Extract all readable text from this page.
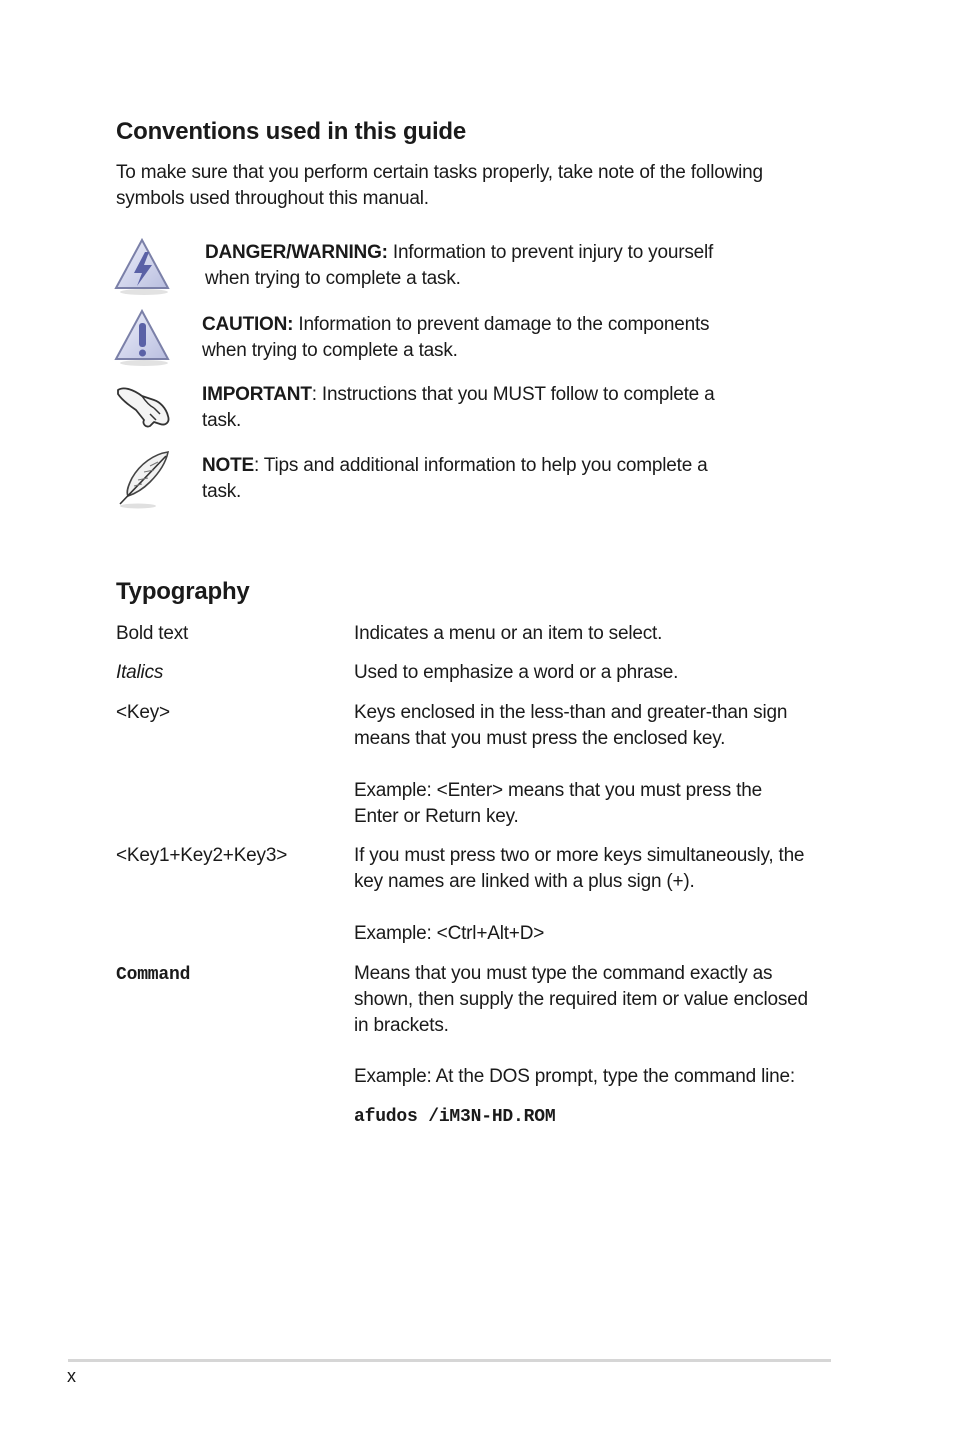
Conventions used in this guide
To make sure that you perform certain tasks properly, take note of the following
symbols used throughout this manual.
DANGER/WARNING: Information to prevent injury to yourself
when trying to complete a task.
CAUTION: Information to prevent damage to the components
when trying to complete a task.
IMPORTANT: Instructions that you MUST follow to complete a
task.
NOTE: Tips and additional information to help you complete a
task.
Typography
Bold text	Indicates a menu or an item to select.
Italics	Used to emphasize a word or a phrase.
<Key>	Keys enclosed in the less-than and greater-than sign
means that you must press the enclosed key.
Example: <Enter> means that you must press the
Enter or Return key.
<Key1+Key2+Key3>	If you must press two or more keys simultaneously, the
key names are linked with a plus sign (+).
Example: <Ctrl+Alt+D>
Command	Means that you must type the command exactly as
shown, then supply the required item or value enclosed
in brackets.
Example: At the DOS prompt, type the command line:
afudos /iM3N-HD.ROM
x
